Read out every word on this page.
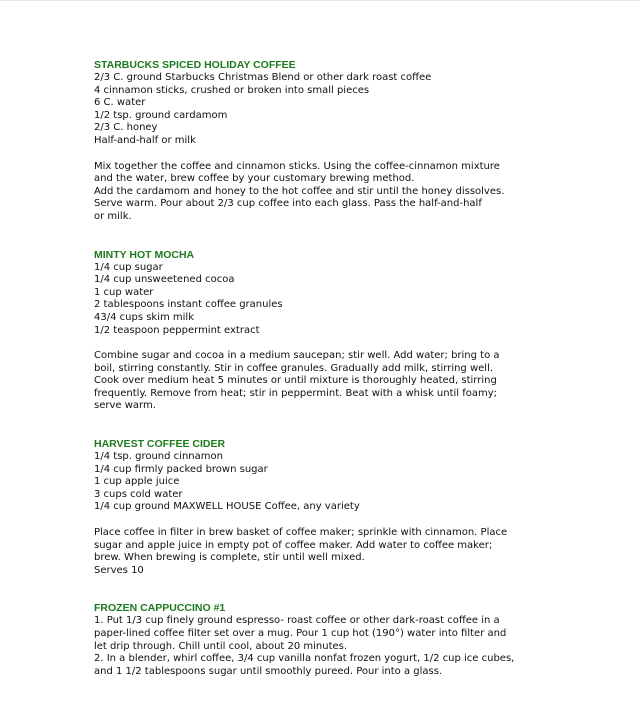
STARBUCKS SPICED HOLIDAY COFFEE
2/3 C. ground Starbucks Christmas Blend or other dark roast coffee
4 cinnamon sticks, crushed or broken into small pieces
6 C. water
1/2 tsp. ground cardamom
2/3 C. honey
Half-and-half or milk
Mix together the coffee and cinnamon sticks. Using the coffee-cinnamon mixture
and the water, brew coffee by your customary brewing method.
Add the cardamom and honey to the hot coffee and stir until the honey dissolves.
Serve warm. Pour about 2/3 cup coffee into each glass. Pass the half-and-half
or milk.
MINTY HOT MOCHA
1/4 cup sugar
1/4 cup unsweetened cocoa
1 cup water
2 tablespoons instant coffee granules
43/4 cups skim milk
1/2 teaspoon peppermint extract
Combine sugar and cocoa in a medium saucepan; stir well. Add water; bring to a
boil, stirring constantly. Stir in coffee granules. Gradually add milk, stirring well.
Cook over medium heat 5 minutes or until mixture is thoroughly heated, stirring
frequently. Remove from heat; stir in peppermint. Beat with a whisk until foamy;
serve warm.
HARVEST COFFEE CIDER
1/4 tsp. ground cinnamon
1/4 cup firmly packed brown sugar
1 cup apple juice
3 cups cold water
1/4 cup ground MAXWELL HOUSE Coffee, any variety
Place coffee in filter in brew basket of coffee maker; sprinkle with cinnamon. Place
sugar and apple juice in empty pot of coffee maker. Add water to coffee maker;
brew. When brewing is complete, stir until well mixed.
Serves 10
FROZEN CAPPUCCINO #1
1. Put 1/3 cup finely ground espresso- roast coffee or other dark-roast coffee in a
paper-lined coffee filter set over a mug. Pour 1 cup hot (190°) water into filter and
let drip through. Chill until cool, about 20 minutes.
2. In a blender, whirl coffee, 3/4 cup vanilla nonfat frozen yogurt, 1/2 cup ice cubes,
and 1 1/2 tablespoons sugar until smoothly pureed. Pour into a glass.
